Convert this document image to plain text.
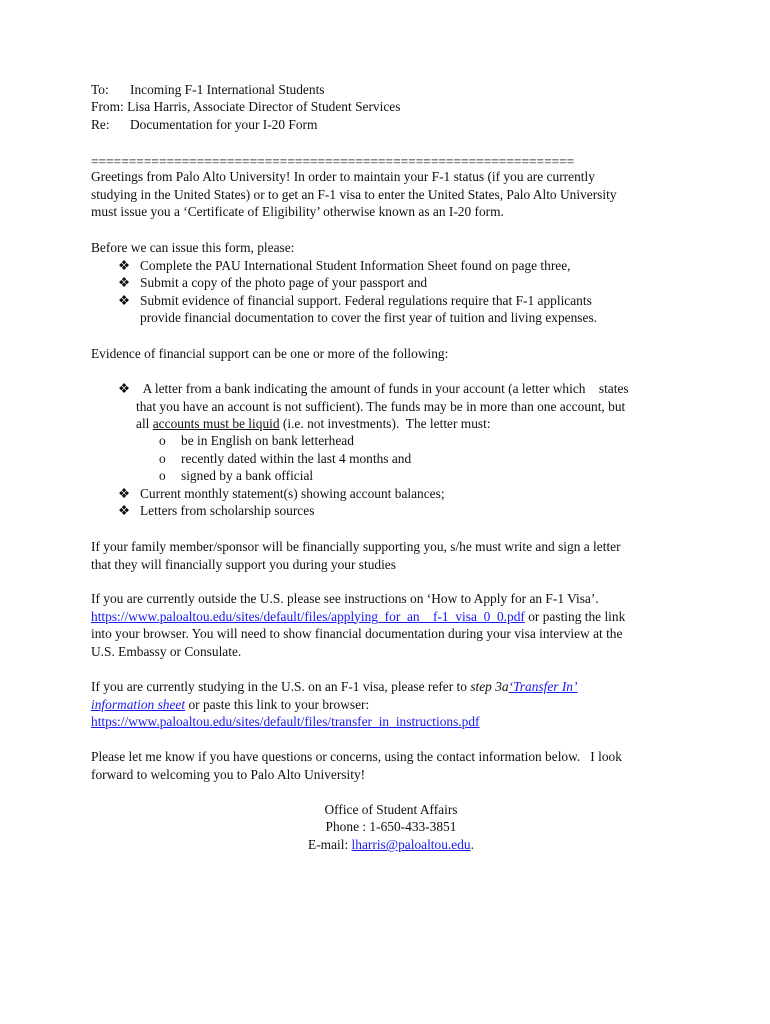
To: Incoming F-1 International Students
From: Lisa Harris, Associate Director of Student Services
Re: Documentation for your I-20 Form
================================================================
Greetings from Palo Alto University! In order to maintain your F-1 status (if you are currently
studying in the United States) or to get an F-1 visa to enter the United States, Palo Alto University
must issue you a ‘Certificate of Eligibility’ otherwise known as an I-20 form.
Before we can issue this form, please:
❖ Complete the PAU International Student Information Sheet found on page three,
❖ Submit a copy of the photo page of your passport and
❖ Submit evidence of financial support. Federal regulations require that F-1 applicants
provide financial documentation to cover the first year of tuition and living expenses.
Evidence of financial support can be one or more of the following:
❖ A letter from a bank indicating the amount of funds in your account (a letter which    states
that you have an account is not sufficient). The funds may be in more than one account, but
all accounts must be liquid (i.e. not investments).  The letter must:
o be in English on bank letterhead
o recently dated within the last 4 months and
o signed by a bank official
❖ Current monthly statement(s) showing account balances;
❖ Letters from scholarship sources
If your family member/sponsor will be financially supporting you, s/he must write and sign a letter
that they will financially support you during your studies
If you are currently outside the U.S. please see instructions on ‘How to Apply for an F-1 Visa’.
https://www.paloaltou.edu/sites/default/files/applying_for_an__f-1_visa_0_0.pdf or pasting the link
into your browser. You will need to show financial documentation during your visa interview at the
U.S. Embassy or Consulate.
If you are currently studying in the U.S. on an F-1 visa, please refer to step 3a‘Transfer In’
information sheet or paste this link to your browser:
https://www.paloaltou.edu/sites/default/files/transfer_in_instructions.pdf
Please let me know if you have questions or concerns, using the contact information below.   I look
forward to welcoming you to Palo Alto University!
Office of Student Affairs
Phone : 1-650-433-3851
E-mail: lharris@paloaltou.edu.
